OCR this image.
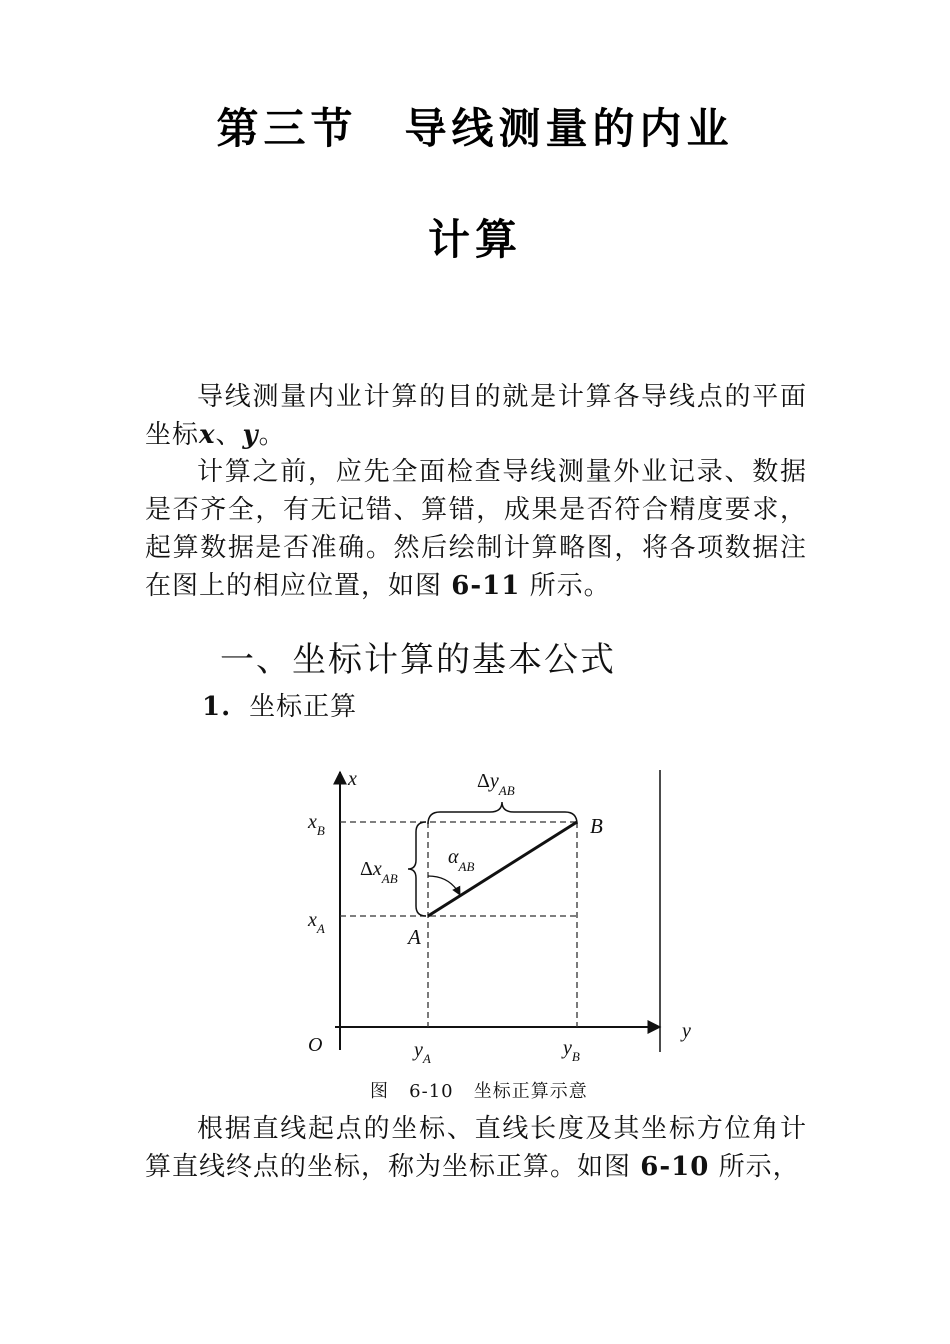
第三节　导线测量的内业
计算

导线测量内业计算的目的就是计算各导线点的平面坐标x、y。

计算之前，应先全面检查导线测量外业记录、数据是否齐全，有无记错、算错，成果是否符合精度要求，起算数据是否准确。然后绘制计算略图，将各项数据注在图上的相应位置，如图 6-11 所示。

一、坐标计算的基本公式
1. 坐标正算
x
y
O
B
A
$x_B$
$x_A$
$y_A$	$y_B$
$\Delta y_{AB}$
$\Delta x_{AB}$
$\alpha_{AB}$
图 6-10 坐标正算示意

根据直线起点的坐标、直线长度及其坐标方位角计算直线终点的坐标，称为坐标正算。如图 6-10 所示，
